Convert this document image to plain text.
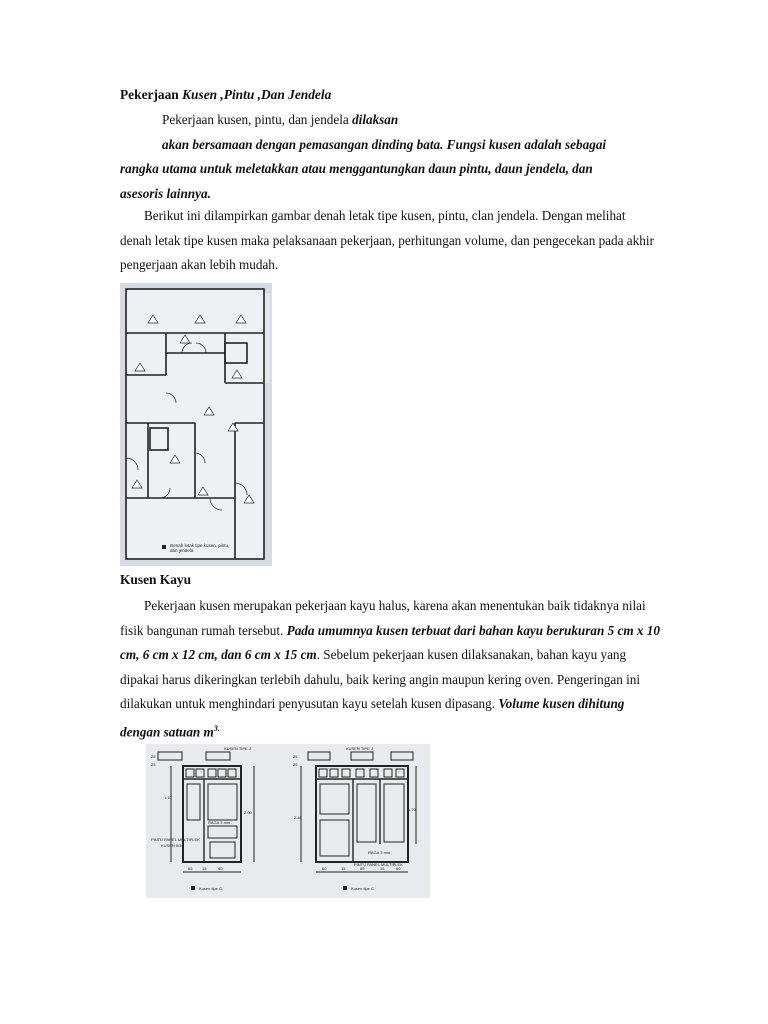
Pekerjaan Kusen ,Pintu ,Dan Jendela

Pekerjaan kusen, pintu, dan jendela dilaksan
akan bersamaan dengan pemasangan dinding bata. Fungsi kusen adalah sebagai
rangka utama untuk meletakkan atau menggantungkan daun pintu, daun jendela, dan
asesoris lainnya.

Berikut ini dilampirkan gambar denah letak tipe kusen, pintu, clan jendela. Dengan melihat denah letak tipe kusen maka pelaksanaan pekerjaan, perhitungan volume, dan pengecekan pada akhir pengerjaan akan lebih mudah.

Denah letak tipe kusen, pintu,
dan jendela

Kusen Kayu

Pekerjaan kusen merupakan pekerjaan kayu halus, karena akan menentukan baik tidaknya nilai fisik bangunan rumah tersebut. Pada umumnya kusen terbuat dari bahan kayu berukuran 5 cm x 10 cm, 6 cm x 12 cm, dan 6 cm x 15 cm. Sebelum pekerjaan kusen dilaksanakan, bahan kayu yang dipakai harus dikeringkan terlebih dahulu, baik kering angin maupun kering oven. Pengeringan ini dilakukan untuk menghindari penyusutan kayu setelah kusen dipasang. Volume kusen dihitung dengan satuan $m^{3.}$

KUSEN TIPE J
25
25
1.10
2.00
RAGA 3 mm
PINTU PANEL MULTIPLEK
KUSEN 5/16
65 15	90
KUSEN TIPE J
25
25
2.45
1.70
RAGA 3 mm
PINTU PANEL MULTIPLEK
60	15	65	15	60
Kusen tipe G	Kusen tipe C
